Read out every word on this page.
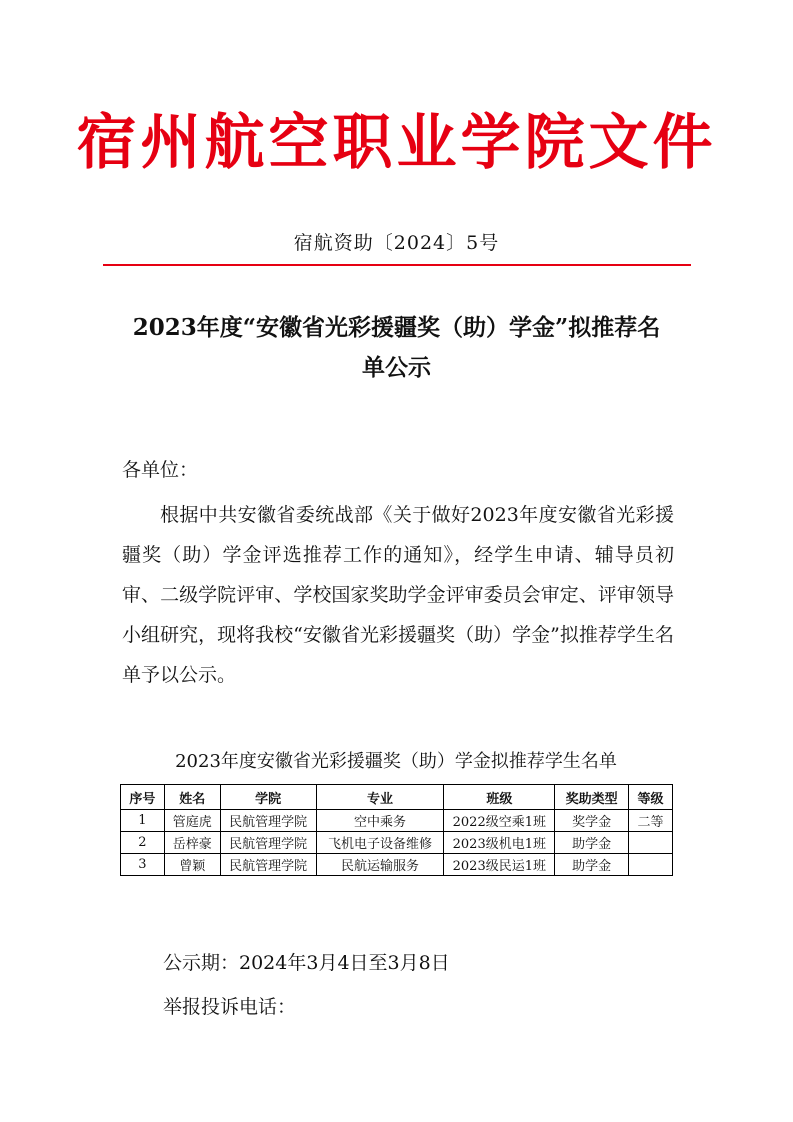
宿州航空职业学院文件
宿航资助〔2024〕5号
2023年度“安徽省光彩援疆奖（助）学金”拟推荐名
单公示
各单位：
根据中共安徽省委统战部《关于做好2023年度安徽省光彩援疆奖（助）学金评选推荐工作的通知》，经学生申请、辅导员初审、二级学院评审、学校国家奖助学金评审委员会审定、评审领导小组研究，现将我校“安徽省光彩援疆奖（助）学金”拟推荐学生名单予以公示。
2023年度安徽省光彩援疆奖（助）学金拟推荐学生名单
序号	姓名	学院	专业	班级	奖助类型	等级
1	管庭虎	民航管理学院	空中乘务	2022级空乘1班	奖学金	二等
2	岳梓豪	民航管理学院	飞机电子设备维修	2023级机电1班	助学金	
3	曾颖	民航管理学院	民航运输服务	2023级民运1班	助学金	
公示期：2024年3月4日至3月8日
举报投诉电话：
